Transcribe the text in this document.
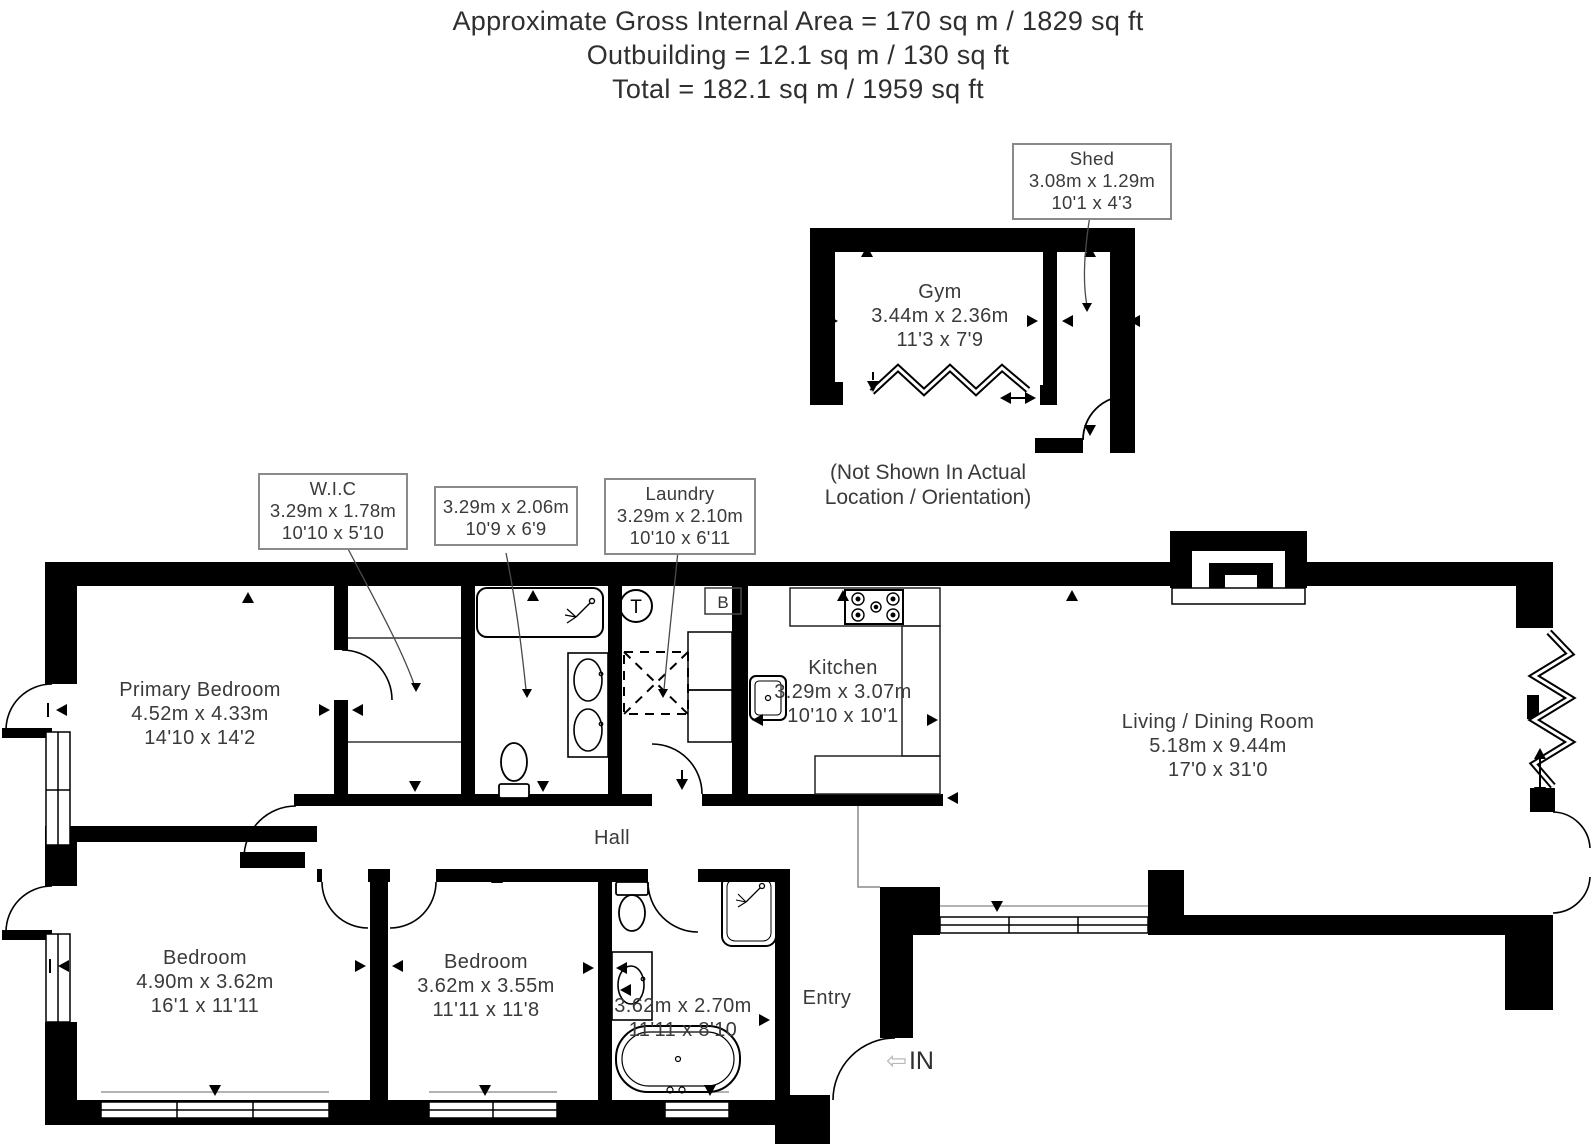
T	B
Approximate Gross Internal Area = 170 sq m / 1829 sq ft
Outbuilding = 12.1 sq m / 130 sq ft
Total = 182.1 sq m / 1959 sq ft
Shed
3.08m x 1.29m
10'1 x 4'3
W.I.C
3.29m x 1.78m
10'10 x 5'10
3.29m x 2.06m
10'9 x 6'9
Laundry
3.29m x 2.10m
10'10 x 6'11
Gym
3.44m x 2.36m
11'3 x 7'9
(Not Shown In Actual
Location / Orientation)
Primary Bedroom
4.52m x 4.33m
14'10 x 14'2
Kitchen
3.29m x 3.07m
10'10 x 10'1	Living / Dining Room
5.18m x 9.44m
17'0 x 31'0
Hall
Bedroom
4.90m x 3.62m
16'1 x 11'11
Bedroom
3.62m x 3.55m
11'11 x 11'8	3.62m x 2.70m
11'11 x 8'10
Entry
⇦IN
